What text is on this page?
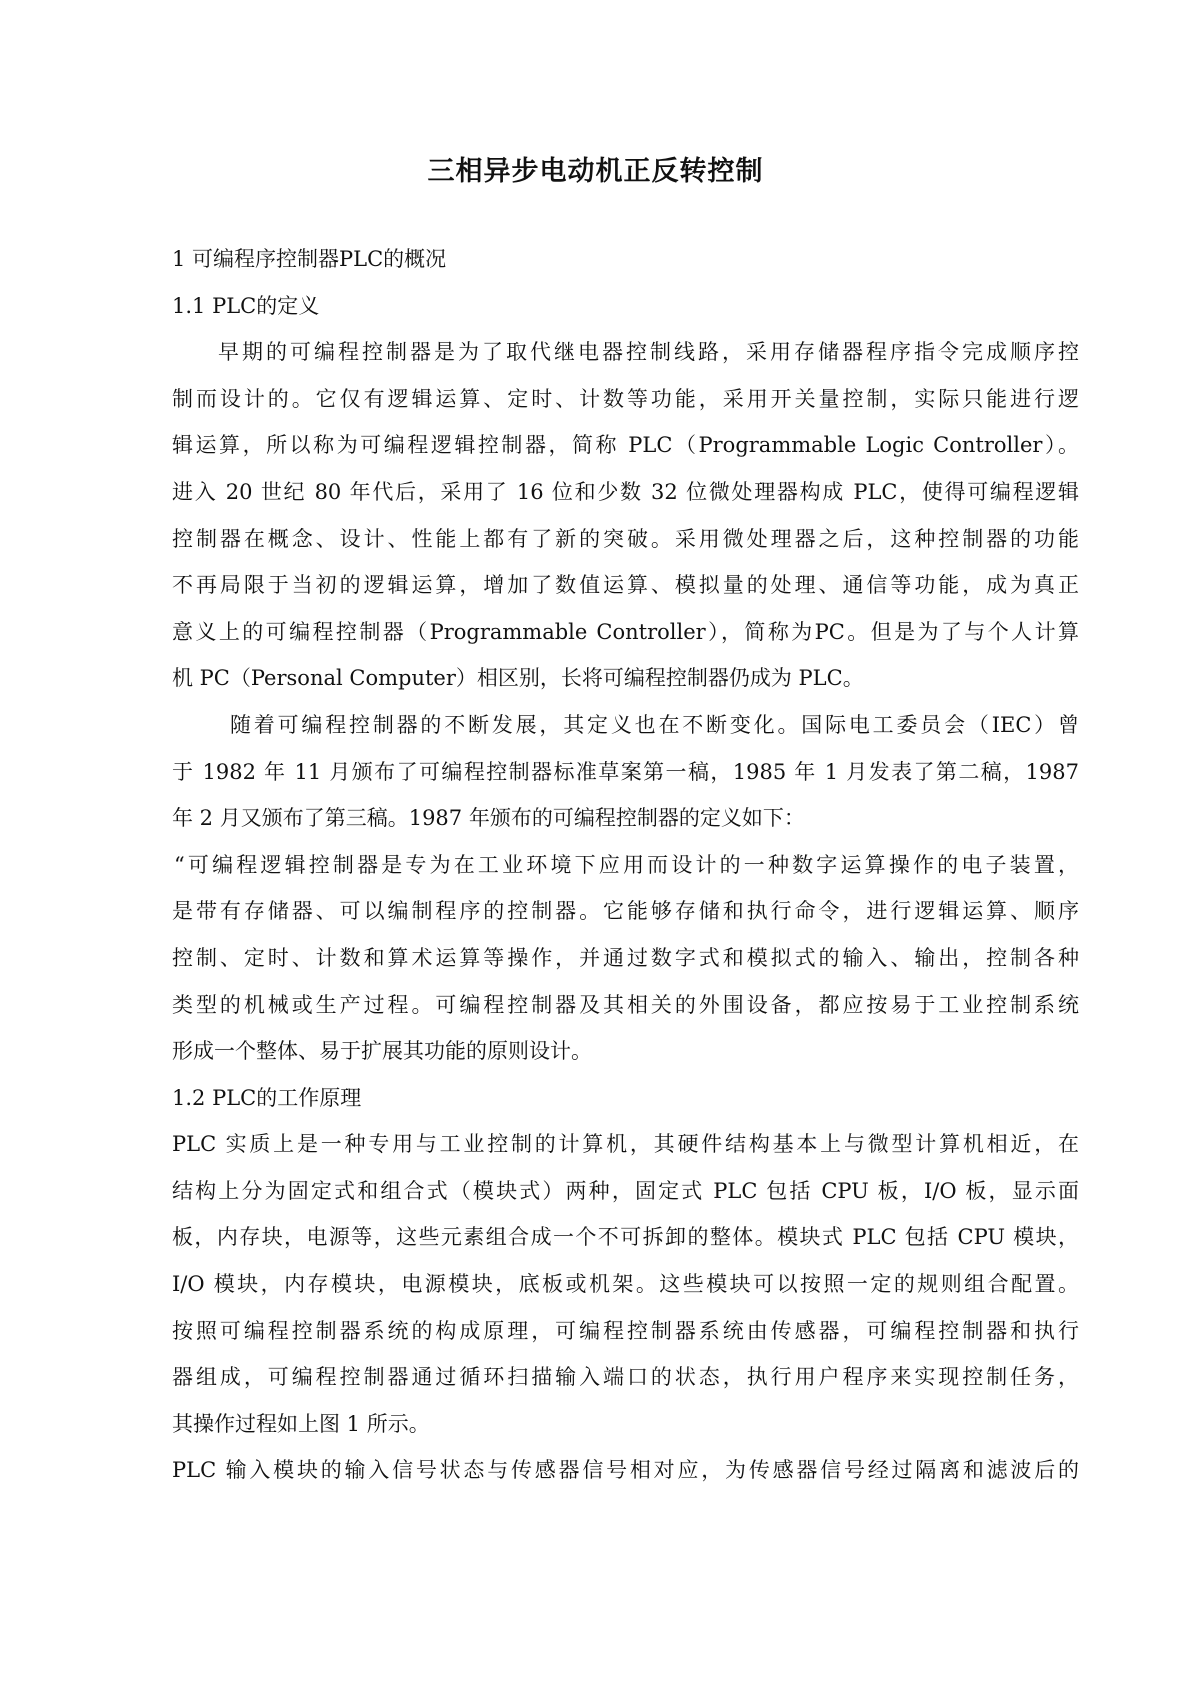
三相异步电动机正反转控制
1 可编程序控制器PLC的概况
1.1 PLC的定义
早期的可编程控制器是为了取代继电器控制线路，采用存储器程序指令完成顺序控
制而设计的。它仅有逻辑运算、定时、计数等功能，采用开关量控制，实际只能进行逻
辑运算，所以称为可编程逻辑控制器，简称 PLC（Programmable Logic Controller）。
进入 20 世纪 80 年代后，采用了 16 位和少数 32 位微处理器构成 PLC，使得可编程逻辑
控制器在概念、设计、性能上都有了新的突破。采用微处理器之后，这种控制器的功能
不再局限于当初的逻辑运算，增加了数值运算、模拟量的处理、通信等功能，成为真正
意义上的可编程控制器（Programmable Controller），简称为PC。但是为了与个人计算
机 PC（Personal Computer）相区别，长将可编程控制器仍成为 PLC。
随着可编程控制器的不断发展，其定义也在不断变化。国际电工委员会（IEC）曾
于 1982 年 11 月颁布了可编程控制器标准草案第一稿，1985 年 1 月发表了第二稿，1987
年 2 月又颁布了第三稿。1987 年颁布的可编程控制器的定义如下：
“可编程逻辑控制器是专为在工业环境下应用而设计的一种数字运算操作的电子装置，
是带有存储器、可以编制程序的控制器。它能够存储和执行命令，进行逻辑运算、顺序
控制、定时、计数和算术运算等操作，并通过数字式和模拟式的输入、输出，控制各种
类型的机械或生产过程。可编程控制器及其相关的外围设备，都应按易于工业控制系统
形成一个整体、易于扩展其功能的原则设计。
1.2 PLC的工作原理
PLC 实质上是一种专用与工业控制的计算机，其硬件结构基本上与微型计算机相近，在
结构上分为固定式和组合式（模块式）两种，固定式 PLC 包括 CPU 板，I/O 板，显示面
板，内存块，电源等，这些元素组合成一个不可拆卸的整体。模块式 PLC 包括 CPU 模块，
I/O 模块，内存模块，电源模块，底板或机架。这些模块可以按照一定的规则组合配置。
按照可编程控制器系统的构成原理，可编程控制器系统由传感器，可编程控制器和执行
器组成，可编程控制器通过循环扫描输入端口的状态，执行用户程序来实现控制任务，
其操作过程如上图 1 所示。
PLC 输入模块的输入信号状态与传感器信号相对应，为传感器信号经过隔离和滤波后的
